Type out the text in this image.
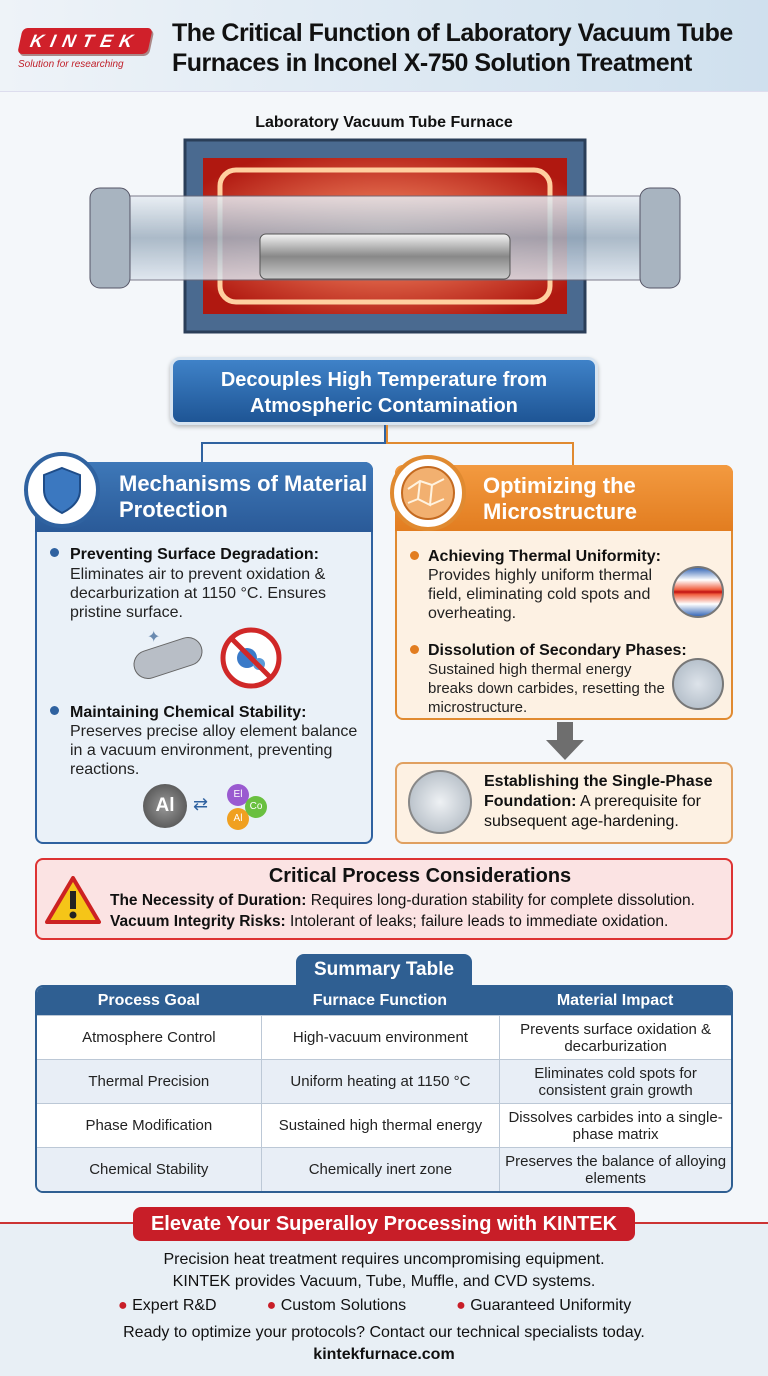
KINTEK
Solution for researching
The Critical Function of Laboratory Vacuum Tube Furnaces in Inconel X-750 Solution Treatment
Laboratory Vacuum Tube Furnace
Decouples High Temperature from Atmospheric Contamination
Mechanisms of Material Protection
Preventing Surface Degradation:
Eliminates air to prevent oxidation & decarburization at 1150 °C. Ensures pristine surface.
✦
Maintaining Chemical Stability:
Preserves precise alloy element balance in a vacuum environment, preventing reactions.
Al	⇄	El
Co
Al
Optimizing the Microstructure
Achieving Thermal Uniformity:
Provides highly uniform thermal field, eliminating cold spots and overheating.
Dissolution of Secondary Phases:
Sustained high thermal energy breaks down carbides, resetting the microstructure.
Establishing the Single-Phase Foundation: A prerequisite for subsequent age-hardening.
Critical Process Considerations
The Necessity of Duration: Requires long-duration stability for complete dissolution.
Vacuum Integrity Risks: Intolerant of leaks; failure leads to immediate oxidation.
Summary Table
Process Goal	Furnace Function	Material Impact
Atmosphere Control	High-vacuum environment	Prevents surface oxidation & decarburization
Thermal Precision	Uniform heating at 1150 °C	Eliminates cold spots for consistent grain growth
Phase Modification	Sustained high thermal energy	Dissolves carbides into a single-phase matrix
Chemical Stability	Chemically inert zone	Preserves the balance of alloying elements
Elevate Your Superalloy Processing with KINTEK
Precision heat treatment requires uncompromising equipment.
KINTEK provides Vacuum, Tube, Muffle, and CVD systems.
● Expert R&D	● Custom Solutions	● Guaranteed Uniformity
Ready to optimize your protocols? Contact our technical specialists today.
kintekfurnace.com
